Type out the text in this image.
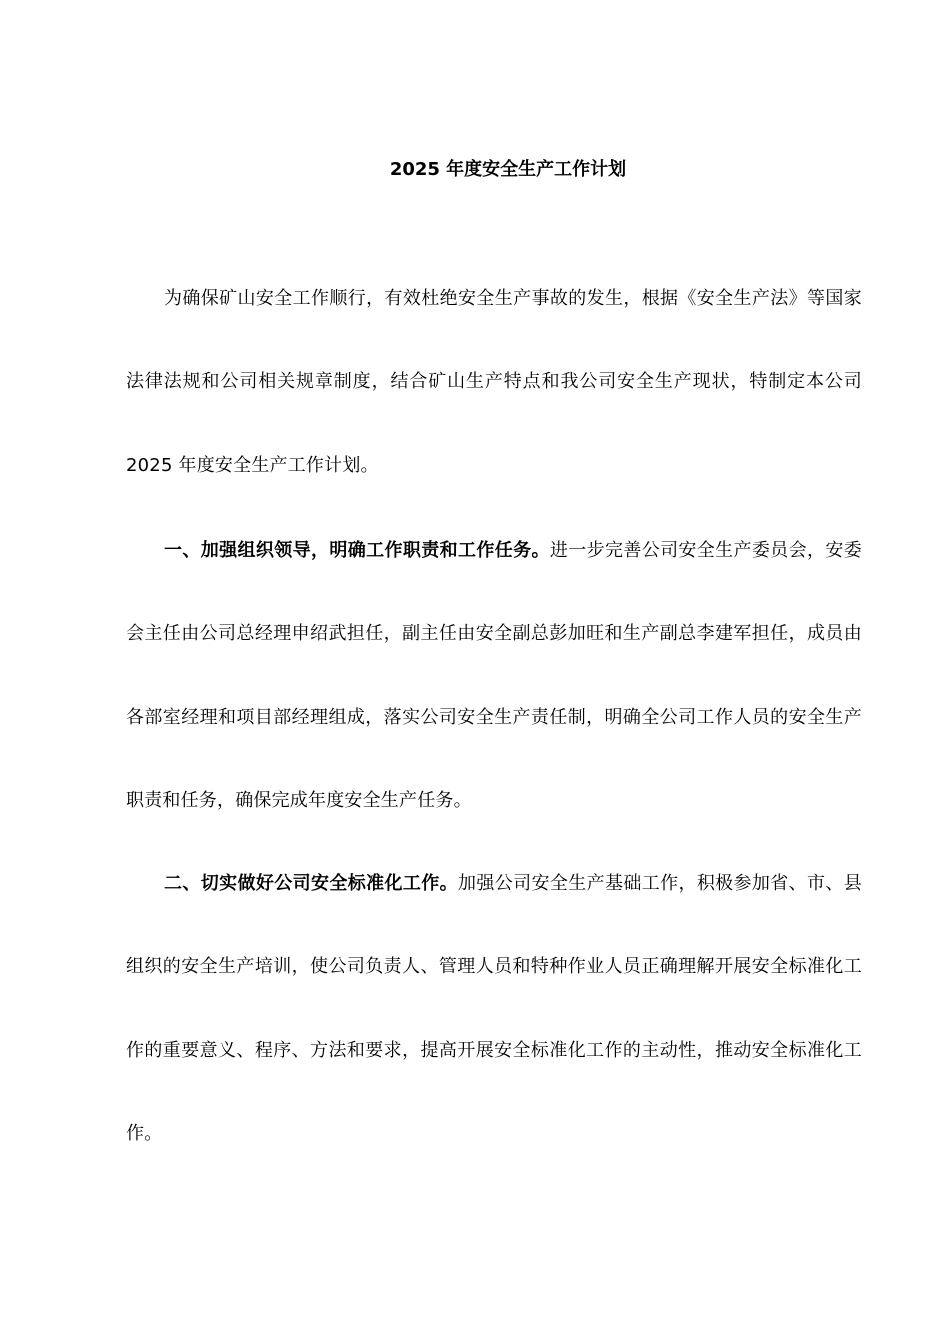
2025 年度安全生产工作计划

为确保矿山安全工作顺行，有效杜绝安全生产事故的发生，根据《安全生产法》等国家法律法规和公司相关规章制度，结合矿山生产特点和我公司安全生产现状，特制定本公司 2025 年度安全生产工作计划。

一、加强组织领导，明确工作职责和工作任务。进一步完善公司安全生产委员会，安委会主任由公司总经理申绍武担任，副主任由安全副总彭加旺和生产副总李建军担任，成员由各部室经理和项目部经理组成，落实公司安全生产责任制，明确全公司工作人员的安全生产职责和任务，确保完成年度安全生产任务。

二、切实做好公司安全标准化工作。加强公司安全生产基础工作，积极参加省、市、县组织的安全生产培训，使公司负责人、管理人员和特种作业人员正确理解开展安全标准化工作的重要意义、程序、方法和要求，提高开展安全标准化工作的主动性，推动安全标准化工作。
